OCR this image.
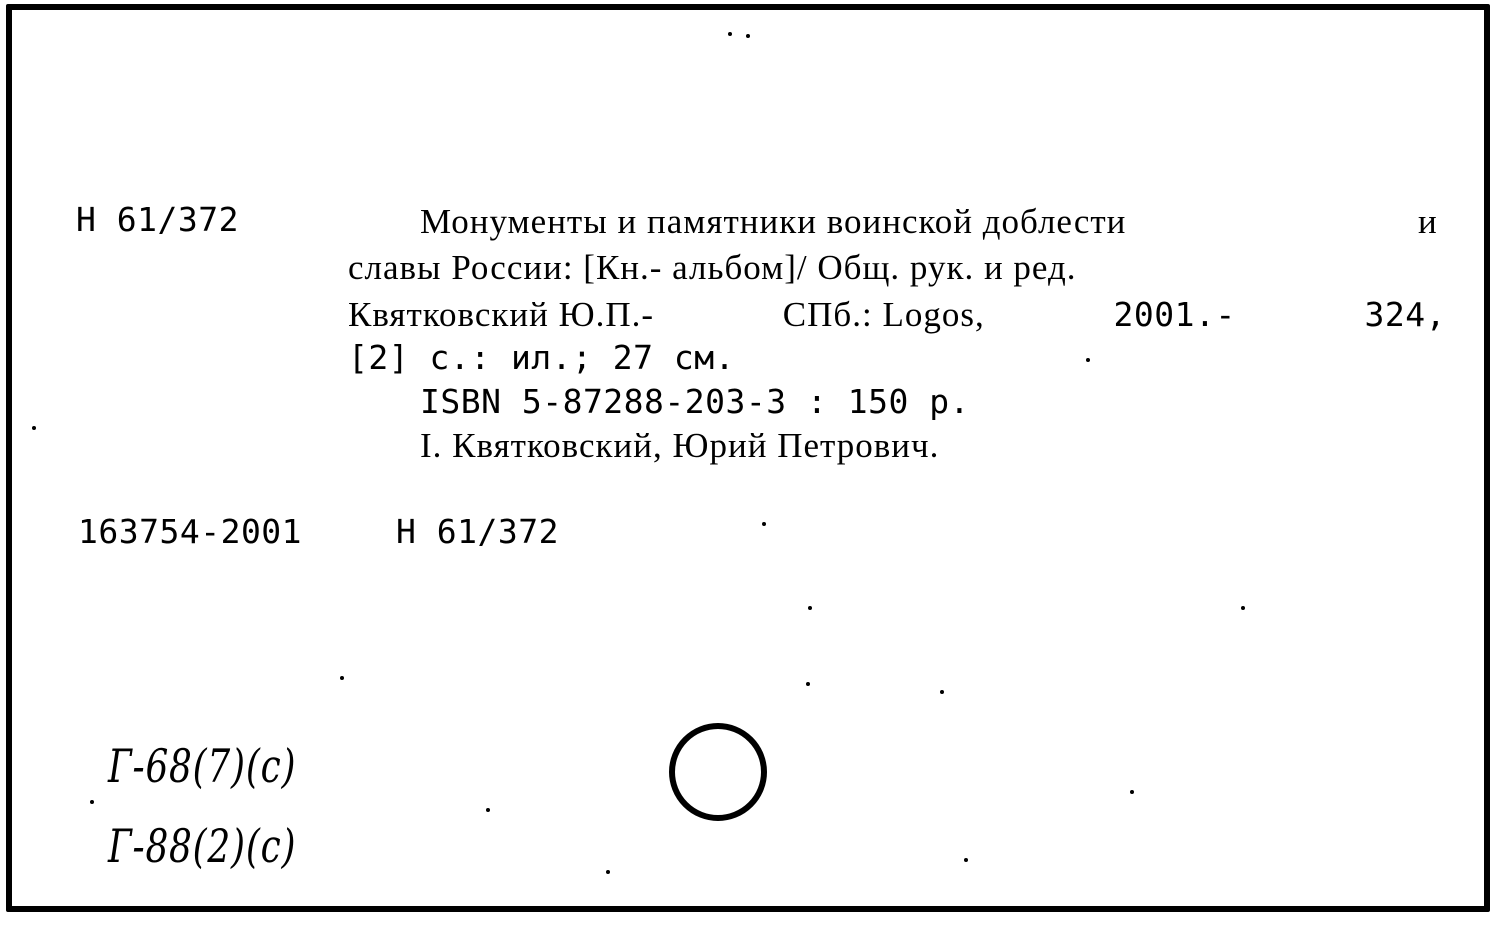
Н 61/372	Монументы и памятники воинской доблести	и
славы России: [Кн.- альбом]/ Общ. рук. и ред.
Квятковский Ю.П.-	СПб.: Logos,	2001.-	324,
[2] с.: ил.; 27 см.
ISBN 5-87288-203-3 : 150 р.
I. Квятковский, Юрий Петрович.
163754-2001	Н 61/372
Г-68(7)(с)
Г-88(2)(с)
